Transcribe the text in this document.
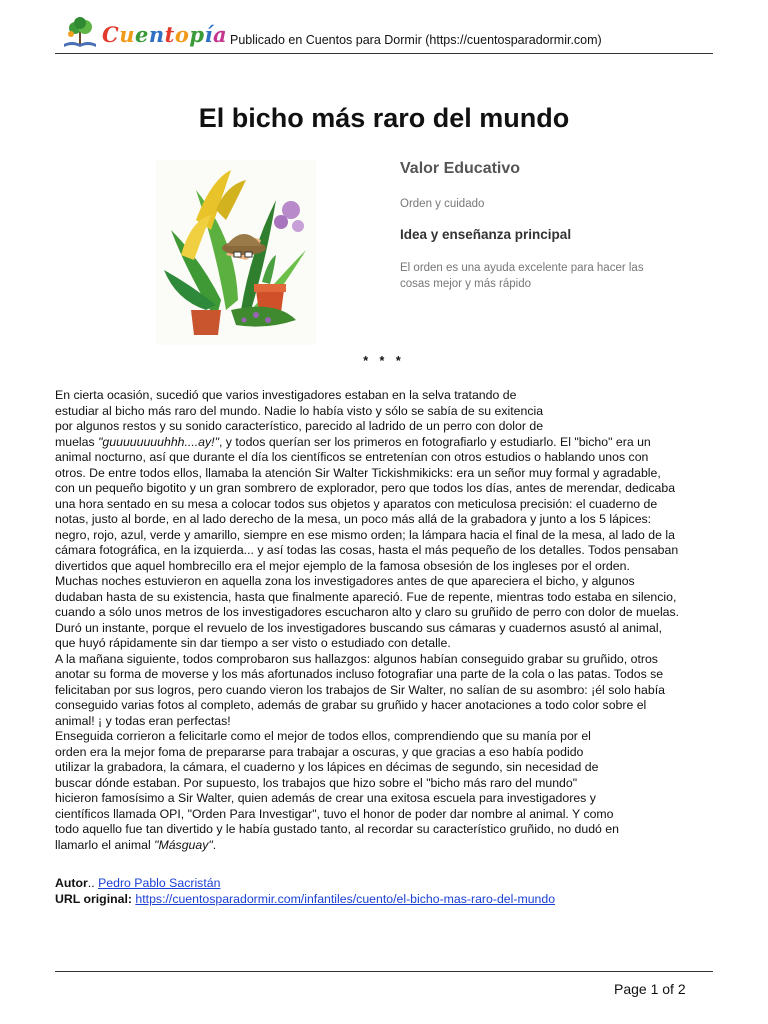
Cuentopía Publicado en Cuentos para Dormir (https://cuentosparadormir.com)
El bicho más raro del mundo
Valor Educativo
Orden y cuidado
Idea y enseñanza principal
El orden es una ayuda excelente para hacer las
cosas mejor y más rápido
* * *
En cierta ocasión, sucedió que varios investigadores estaban en la selva tratando de
estudiar al bicho más raro del mundo. Nadie lo había visto y sólo se sabía de su exitencia
por algunos restos y su sonido característico, parecido al ladrido de un perro con dolor de
muelas "guuuuuuuuhhh....ay!", y todos querían ser los primeros en fotografiarlo y estudiarlo. El "bicho" era un
animal nocturno, así que durante el día los científicos se entretenían con otros estudios o hablando unos con
otros. De entre todos ellos, llamaba la atención Sir Walter Tickishmikicks: era un señor muy formal y agradable,
con un pequeño bigotito y un gran sombrero de explorador, pero que todos los días, antes de merendar, dedicaba
una hora sentado en su mesa a colocar todos sus objetos y aparatos con meticulosa precisión: el cuaderno de
notas, justo al borde, en al lado derecho de la mesa, un poco más allá de la grabadora y junto a los 5 lápices:
negro, rojo, azul, verde y amarillo, siempre en ese mismo orden; la lámpara hacia el final de la mesa, al lado de la
cámara fotográfica, en la izquierda... y así todas las cosas, hasta el más pequeño de los detalles. Todos pensaban
divertidos que aquel hombrecillo era el mejor ejemplo de la famosa obsesión de los ingleses por el orden.
Muchas noches estuvieron en aquella zona los investigadores antes de que apareciera el bicho, y algunos
dudaban hasta de su existencia, hasta que finalmente apareció. Fue de repente, mientras todo estaba en silencio,
cuando a sólo unos metros de los investigadores escucharon alto y claro su gruñido de perro con dolor de muelas.
Duró un instante, porque el revuelo de los investigadores buscando sus cámaras y cuadernos asustó al animal,
que huyó rápidamente sin dar tiempo a ser visto o estudiado con detalle.
A la mañana siguiente, todos comprobaron sus hallazgos: algunos habían conseguido grabar su gruñido, otros
anotar su forma de moverse y los más afortunados incluso fotografiar una parte de la cola o las patas. Todos se
felicitaban por sus logros, pero cuando vieron los trabajos de Sir Walter, no salían de su asombro: ¡él solo había
conseguido varias fotos al completo, además de grabar su gruñido y hacer anotaciones a todo color sobre el
animal! ¡ y todas eran perfectas!
Enseguida corrieron a felicitarle como el mejor de todos ellos, comprendiendo que su manía por el
orden era la mejor foma de prepararse para trabajar a oscuras, y que gracias a eso había podido
utilizar la grabadora, la cámara, el cuaderno y los lápices en décimas de segundo, sin necesidad de
buscar dónde estaban. Por supuesto, los trabajos que hizo sobre el "bicho más raro del mundo"
hicieron famosísimo a Sir Walter, quien además de crear una exitosa escuela para investigadores y
científicos llamada OPI, "Orden Para Investigar", tuvo el honor de poder dar nombre al animal. Y como
todo aquello fue tan divertido y le había gustado tanto, al recordar su característico gruñido, no dudó en
llamarlo el animal "Másguay".
Autor.. Pedro Pablo Sacristán
URL original: https://cuentosparadormir.com/infantiles/cuento/el-bicho-mas-raro-del-mundo
Page 1 of 2
